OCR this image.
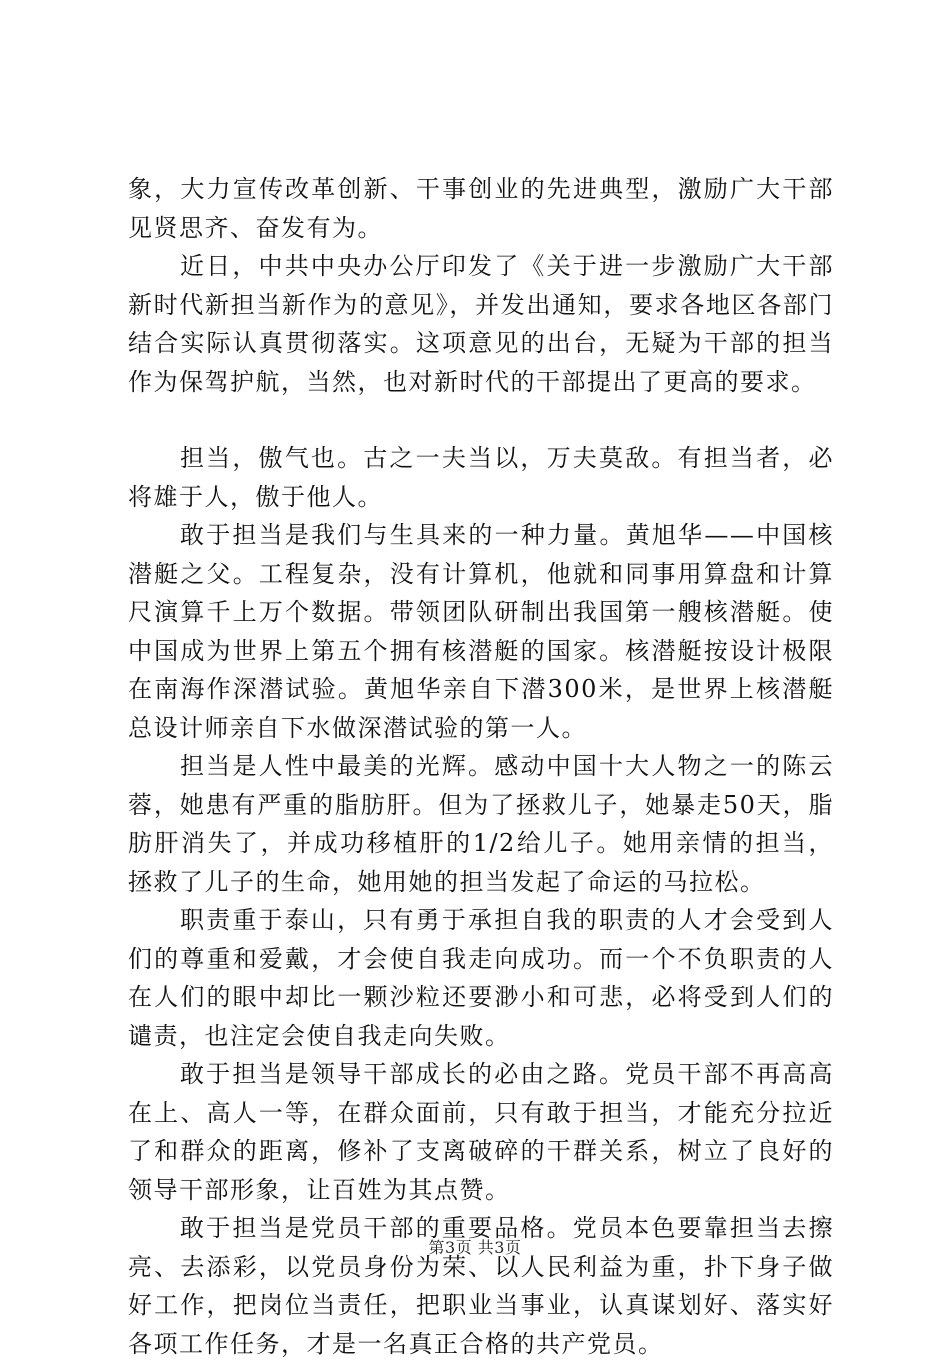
象，大力宣传改革创新、干事创业的先进典型，激励广大干部见贤思齐、奋发有为。

近日，中共中央办公厅印发了《关于进一步激励广大干部新时代新担当新作为的意见》，并发出通知，要求各地区各部门结合实际认真贯彻落实。这项意见的出台，无疑为干部的担当作为保驾护航，当然，也对新时代的干部提出了更高的要求。

担当，傲气也。古之一夫当以，万夫莫敌。有担当者，必将雄于人，傲于他人。

敢于担当是我们与生具来的一种力量。黄旭华——中国核潜艇之父。工程复杂，没有计算机，他就和同事用算盘和计算尺演算千上万个数据。带领团队研制出我国第一艘核潜艇。使中国成为世界上第五个拥有核潜艇的国家。核潜艇按设计极限在南海作深潜试验。黄旭华亲自下潜300米，是世界上核潜艇总设计师亲自下水做深潜试验的第一人。

担当是人性中最美的光辉。感动中国十大人物之一的陈云蓉，她患有严重的脂肪肝。但为了拯救儿子，她暴走50天，脂肪肝消失了，并成功移植肝的1/2给儿子。她用亲情的担当，拯救了儿子的生命，她用她的担当发起了命运的马拉松。

职责重于泰山，只有勇于承担自我的职责的人才会受到人们的尊重和爱戴，才会使自我走向成功。而一个不负职责的人在人们的眼中却比一颗沙粒还要渺小和可悲，必将受到人们的谴责，也注定会使自我走向失败。

敢于担当是领导干部成长的必由之路。党员干部不再高高在上、高人一等，在群众面前，只有敢于担当，才能充分拉近了和群众的距离，修补了支离破碎的干群关系，树立了良好的领导干部形象，让百姓为其点赞。

敢于担当是党员干部的重要品格。党员本色要靠担当去擦亮、去添彩，以党员身份为荣、以人民利益为重，扑下身子做好工作，把岗位当责任，把职业当事业，认真谋划好、落实好各项工作任务，才是一名真正合格的共产党员。

第3页 共3页
